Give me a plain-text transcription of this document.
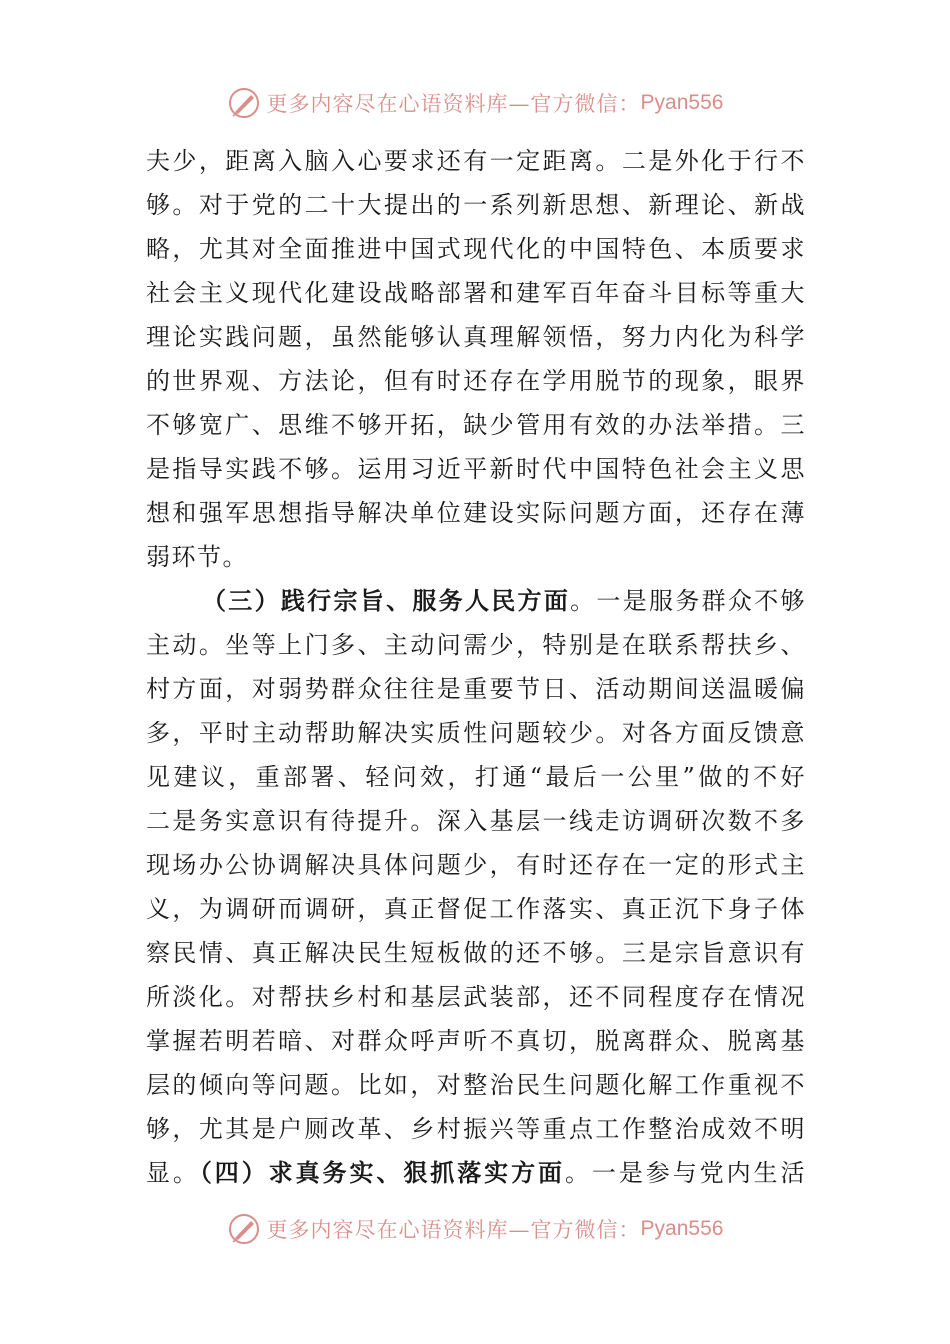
更多内容尽在心语资料库—官方微信： Pyan556
夫少，距离入脑入心要求还有一定距离。二是外化于行不
够。对于党的二十大提出的一系列新思想、新理论、新战
略，尤其对全面推进中国式现代化的中国特色、本质要求
社会主义现代化建设战略部署和建军百年奋斗目标等重大
理论实践问题，虽然能够认真理解领悟，努力内化为科学
的世界观、方法论，但有时还存在学用脱节的现象，眼界
不够宽广、思维不够开拓，缺少管用有效的办法举措。三
是指导实践不够。运用习近平新时代中国特色社会主义思
想和强军思想指导解决单位建设实际问题方面，还存在薄
弱环节。
（三）践行宗旨、服务人民方面。一是服务群众不够
主动。坐等上门多、主动问需少，特别是在联系帮扶乡、
村方面，对弱势群众往往是重要节日、活动期间送温暖偏
多，平时主动帮助解决实质性问题较少。对各方面反馈意
见建议，重部署、轻问效，打通“最后一公里”做的不好
二是务实意识有待提升。深入基层一线走访调研次数不多
现场办公协调解决具体问题少，有时还存在一定的形式主
义，为调研而调研，真正督促工作落实、真正沉下身子体
察民情、真正解决民生短板做的还不够。三是宗旨意识有
所淡化。对帮扶乡村和基层武装部，还不同程度存在情况
掌握若明若暗、对群众呼声听不真切，脱离群众、脱离基
层的倾向等问题。比如，对整治民生问题化解工作重视不
够，尤其是户厕改革、乡村振兴等重点工作整治成效不明
显。（四）求真务实、狠抓落实方面。一是参与党内生活
更多内容尽在心语资料库—官方微信： Pyan556
